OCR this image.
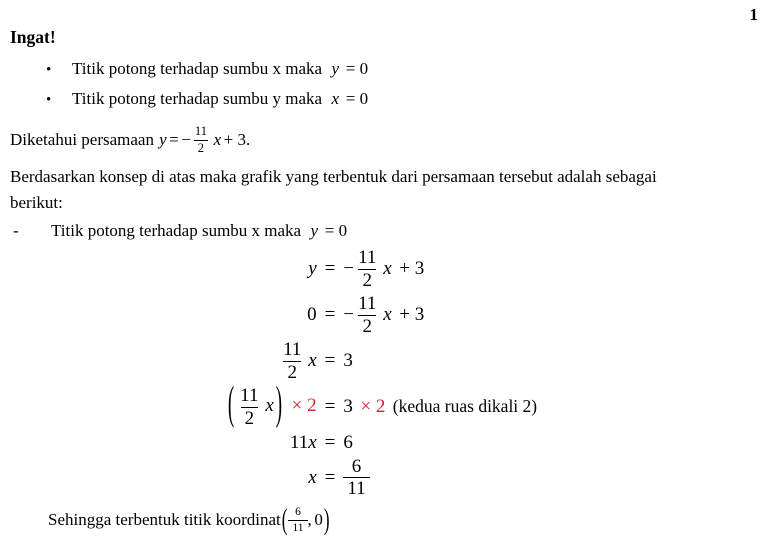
1
Ingat!
•	Titik potong terhadap sumbu x maka y = 0
•	Titik potong terhadap sumbu y maka x = 0
Diketahui persamaan y = − $\frac{11}{2}$ x + 3 .
Berdasarkan konsep di atas maka grafik yang terbentuk dari persamaan tersebut adalah sebagai
berikut:
-	Titik potong terhadap sumbu x maka y = 0
y = − $\frac{11}{2}$ x + 3
0 = − $\frac{11}{2}$ x + 3
$\frac{11}{2}$ x = 3
( $\frac{11}{2}$ x ) × 2 = 3 × 2 (kedua ruas dikali 2)
11x = 6
$x = \frac{6}{11}$
Sehingga terbentuk titik koordinat ( $\frac{6}{11}$ , 0 )
